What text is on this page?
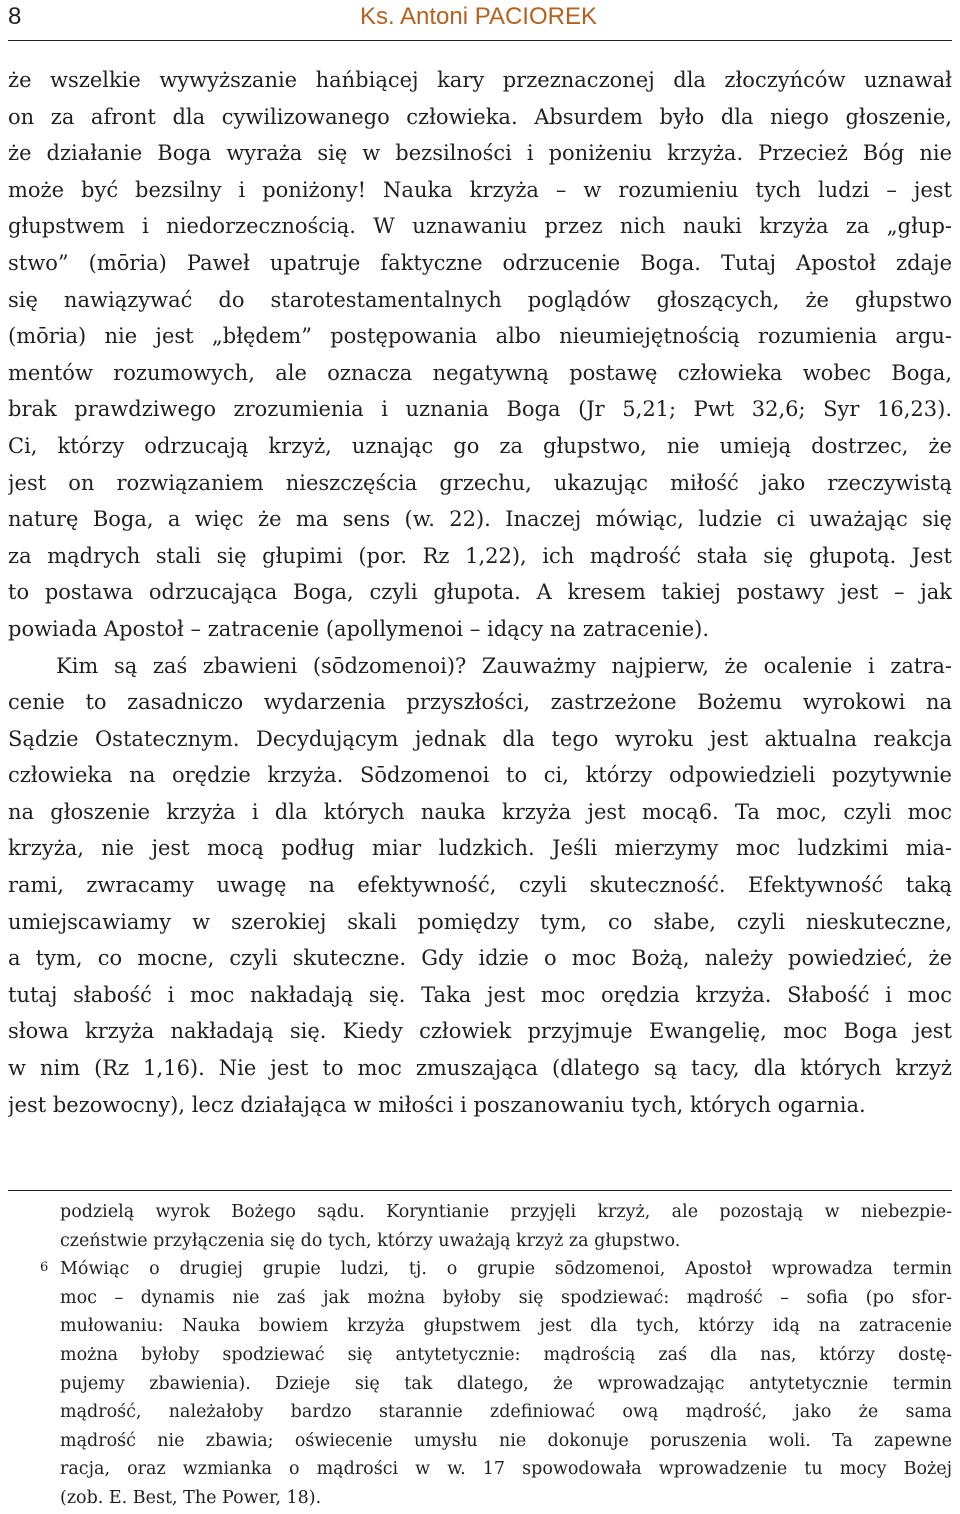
8	Ks. Antoni PACIOREK
że wszelkie wywyższanie hańbiącej kary przeznaczonej dla złoczyńców uznawał
on za afront dla cywilizowanego człowieka. Absurdem było dla niego głoszenie,
że działanie Boga wyraża się w bezsilności i poniżeniu krzyża. Przecież Bóg nie
może być bezsilny i poniżony! Nauka krzyża – w rozumieniu tych ludzi – jest
głupstwem i niedorzecznością. W uznawaniu przez nich nauki krzyża za „głup-
stwo” (mōria) Paweł upatruje faktyczne odrzucenie Boga. Tutaj Apostoł zdaje
się nawiązywać do starotestamentalnych poglądów głoszących, że głupstwo
(mōria) nie jest „błędem” postępowania albo nieumiejętnością rozumienia argu-
mentów rozumowych, ale oznacza negatywną postawę człowieka wobec Boga,
brak prawdziwego zrozumienia i uznania Boga (Jr 5,21; Pwt 32,6; Syr 16,23).
Ci, którzy odrzucają krzyż, uznając go za głupstwo, nie umieją dostrzec, że
jest on rozwiązaniem nieszczęścia grzechu, ukazując miłość jako rzeczywistą
naturę Boga, a więc że ma sens (w. 22). Inaczej mówiąc, ludzie ci uważając się
za mądrych stali się głupimi (por. Rz 1,22), ich mądrość stała się głupotą. Jest
to postawa odrzucająca Boga, czyli głupota. A kresem takiej postawy jest – jak
powiada Apostoł – zatracenie (apollymenoi – idący na zatracenie).
Kim są zaś zbawieni (sōdzomenoi)? Zauważmy najpierw, że ocalenie i zatra-
cenie to zasadniczo wydarzenia przyszłości, zastrzeżone Bożemu wyrokowi na
Sądzie Ostatecznym. Decydującym jednak dla tego wyroku jest aktualna reakcja
człowieka na orędzie krzyża. Sōdzomenoi to ci, którzy odpowiedzieli pozytywnie
na głoszenie krzyża i dla których nauka krzyża jest mocą6. Ta moc, czyli moc
krzyża, nie jest mocą podług miar ludzkich. Jeśli mierzymy moc ludzkimi mia-
rami, zwracamy uwagę na efektywność, czyli skuteczność. Efektywność taką
umiejscawiamy w szerokiej skali pomiędzy tym, co słabe, czyli nieskuteczne,
a tym, co mocne, czyli skuteczne. Gdy idzie o moc Bożą, należy powiedzieć, że
tutaj słabość i moc nakładają się. Taka jest moc orędzia krzyża. Słabość i moc
słowa krzyża nakładają się. Kiedy człowiek przyjmuje Ewangelię, moc Boga jest
w nim (Rz 1,16). Nie jest to moc zmuszająca (dlatego są tacy, dla których krzyż
jest bezowocny), lecz działająca w miłości i poszanowaniu tych, których ogarnia.
6
podzielą wyrok Bożego sądu. Koryntianie przyjęli krzyż, ale pozostają w niebezpie-
czeństwie przyłączenia się do tych, którzy uważają krzyż za głupstwo.
Mówiąc o drugiej grupie ludzi, tj. o grupie sōdzomenoi, Apostoł wprowadza termin
moc – dynamis nie zaś jak można byłoby się spodziewać: mądrość – sofia (po sfor-
mułowaniu: Nauka bowiem krzyża głupstwem jest dla tych, którzy idą na zatracenie
można byłoby spodziewać się antytetycznie: mądrością zaś dla nas, którzy dostę-
pujemy zbawienia). Dzieje się tak dlatego, że wprowadzając antytetycznie termin
mądrość, należałoby bardzo starannie zdefiniować ową mądrość, jako że sama
mądrość nie zbawia; oświecenie umysłu nie dokonuje poruszenia woli. Ta zapewne
racja, oraz wzmianka o mądrości w w. 17 spowodowała wprowadzenie tu mocy Bożej
(zob. E. Best, The Power, 18).
